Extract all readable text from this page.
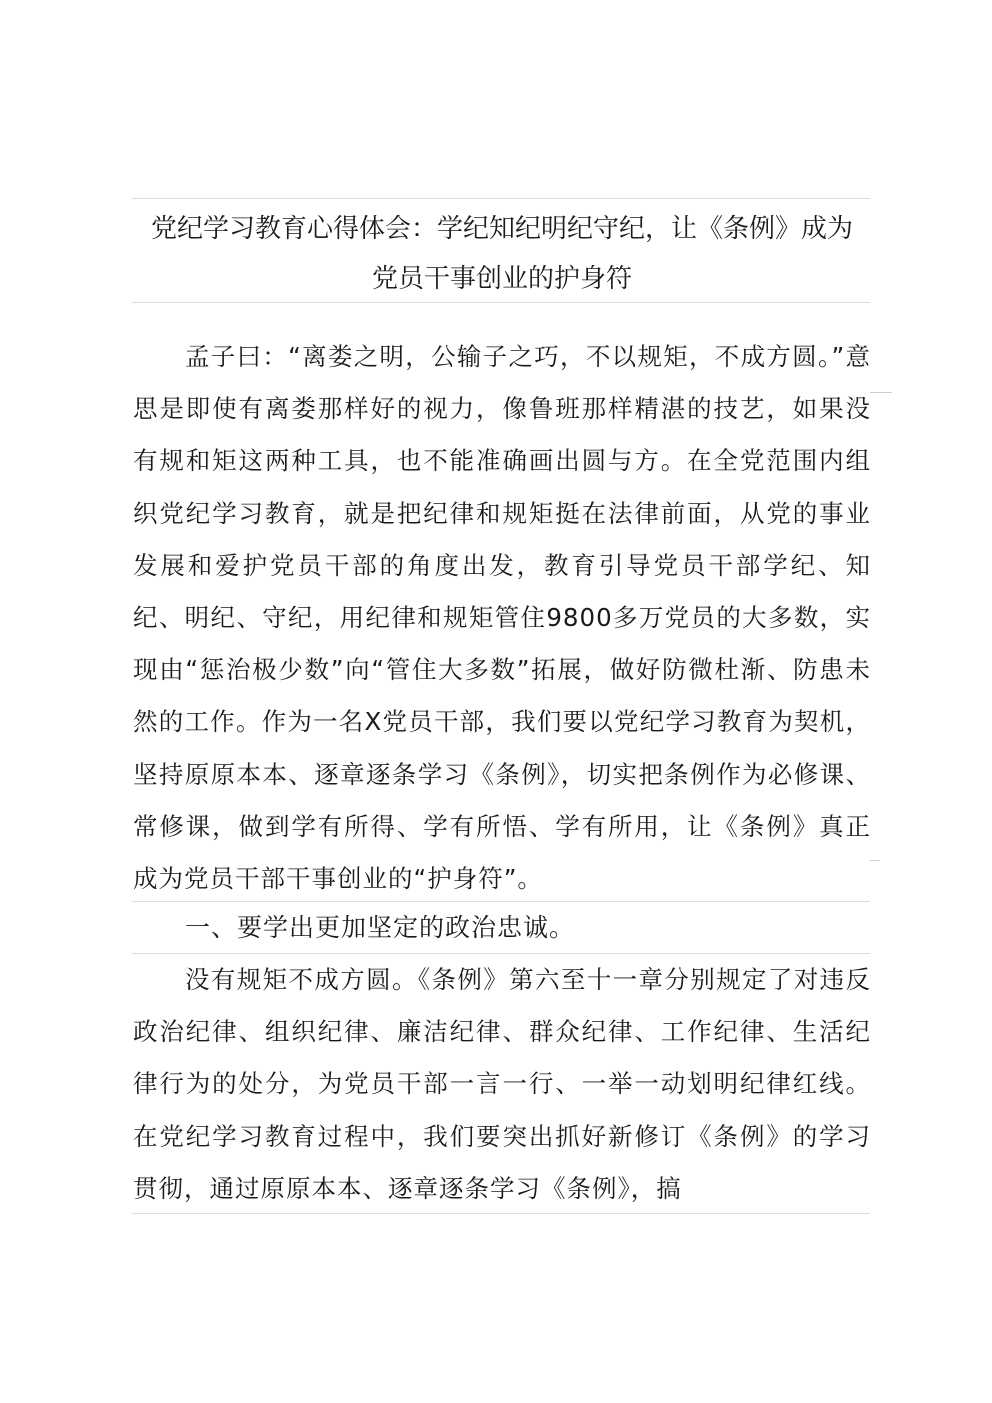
党纪学习教育心得体会：学纪知纪明纪守纪，让《条例》成为
党员干事创业的护身符
孟子曰：“离娄之明，公输子之巧，不以规矩，不成方圆。”意思是即使有离娄那样好的视力，像鲁班那样精湛的技艺，如果没有规和矩这两种工具，也不能准确画出圆与方。在全党范围内组织党纪学习教育，就是把纪律和规矩挺在法律前面，从党的事业发展和爱护党员干部的角度出发，教育引导党员干部学纪、知纪、明纪、守纪，用纪律和规矩管住9800多万党员的大多数，实现由“惩治极少数”向“管住大多数”拓展，做好防微杜渐、防患未然的工作。作为一名X党员干部，我们要以党纪学习教育为契机，坚持原原本本、逐章逐条学习《条例》，切实把条例作为必修课、常修课，做到学有所得、学有所悟、学有所用，让《条例》真正成为党员干部干事创业的“护身符”。
一、要学出更加坚定的政治忠诚。
没有规矩不成方圆。《条例》第六至十一章分别规定了对违反政治纪律、组织纪律、廉洁纪律、群众纪律、工作纪律、生活纪律行为的处分，为党员干部一言一行、一举一动划明纪律红线。在党纪学习教育过程中，我们要突出抓好新修订《条例》的学习贯彻，通过原原本本、逐章逐条学习《条例》，搞
